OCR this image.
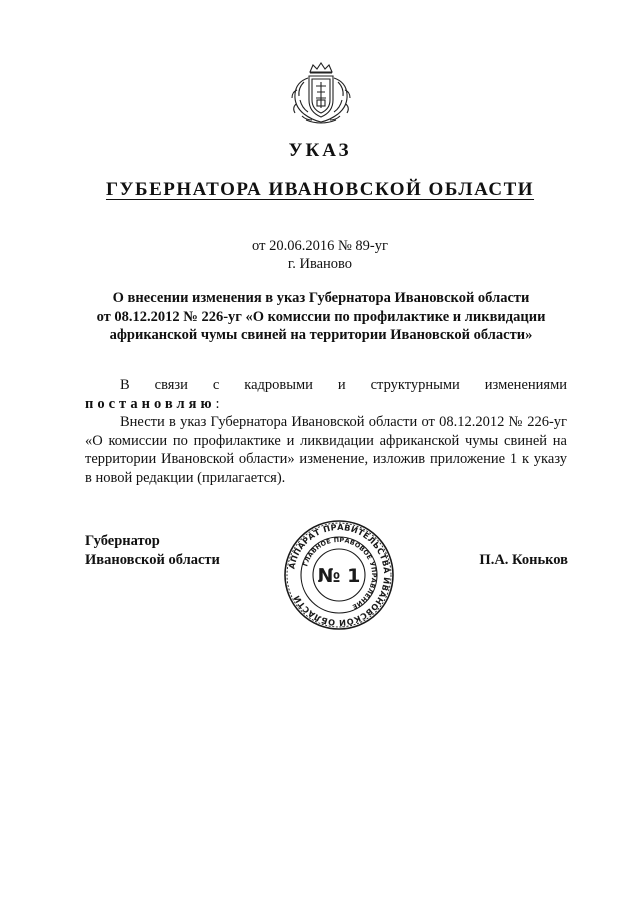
УКАЗ
ГУБЕРНАТОРА ИВАНОВСКОЙ ОБЛАСТИ
от 20.06.2016 № 89-уг
г. Иваново
О внесении изменения в указ Губернатора Ивановской области
от 08.12.2012 № 226-уг «О комиссии по профилактике и ликвидации
африканской чумы свиней на территории Ивановской области»

В связи с кадровыми и структурными изменениями

постановляю:

Внести в указ Губернатора Ивановской области от 08.12.2012 № 226-уг «О комиссии по профилактике и ликвидации африканской чумы свиней на территории Ивановской области» изменение, изложив приложение 1 к указу в новой редакции (прилагается).

Губернатор
Ивановской области	АППАРАТ ПРАВИТЕЛЬСТВА ИВАНОВСКОЙ ОБЛАСТИ
ГЛАВНОЕ ПРАВОВОЕ УПРАВЛЕНИЕ
№ 1
П.А. Коньков
